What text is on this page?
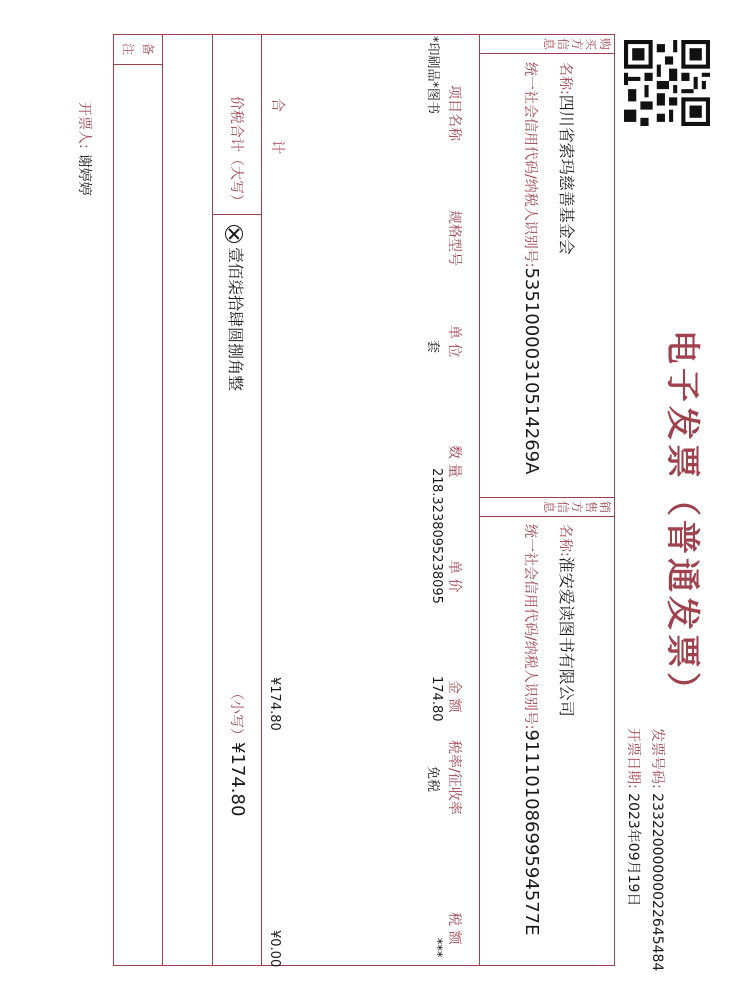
电子发票（普通发票）
发票号码: 23322000000022645484
开票日期: 2023年09月19日
购
买
方
信
息
名称:四川省索玛慈善基金会
统一社会信用代码/纳税人识别号:53510000310514269A
销
售
方
信
息
名称:淮安爱读图书有限公司
统一社会信用代码/纳税人识别号:91110108699594577E
项目名称
规格型号
单 位
数 量
单 价
金 额
税率/征收率
税 额
*印刷品*图书
套
21
8.3238095238095
174.80
免税
***
合　　计
¥174.80
¥0.00
价税合计（大写）
壹佰柒拾肆圆捌角整
（小写）¥174.80
备
注
开票人: 谢婷婷
